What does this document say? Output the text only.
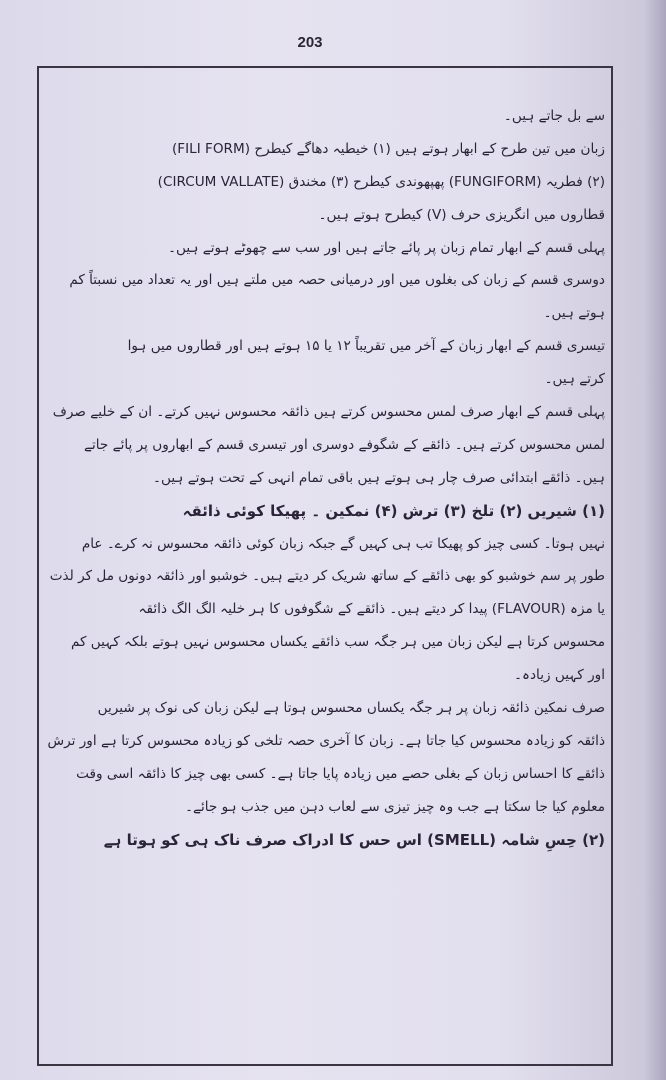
203
سے بل جاتے ہیں۔
زبان میں تین طرح کے ابھار ہوتے ہیں (۱) خیطیہ دھاگے کیطرح (FILI FORM)
(۲) فطریہ (FUNGIFORM) پھپھوندی کیطرح (۳) مخندق (CIRCUM VALLATE)
قطاروں میں انگریزی حرف (V) کیطرح ہوتے ہیں۔
پہلی قسم کے ابھار تمام زبان پر پائے جاتے ہیں اور سب سے چھوٹے ہوتے ہیں۔
دوسری قسم کے زبان کی بغلوں میں اور درمیانی حصہ میں ملتے ہیں اور یہ تعداد میں نسبتاً کم
ہوتے ہیں۔
تیسری قسم کے ابھار زبان کے آخر میں تقریباً ۱۲ یا ۱۵ ہوتے ہیں اور قطاروں میں ہوا
کرتے ہیں۔
پہلی قسم کے ابھار صرف لمس محسوس کرتے ہیں ذائقہ محسوس نہیں کرتے۔ ان کے خلیے صرف
لمس محسوس کرتے ہیں۔ ذائقے کے شگوفے دوسری اور تیسری قسم کے ابھاروں پر پائے جاتے
ہیں۔ ذائقے ابتدائی صرف چار ہی ہوتے ہیں باقی تمام انہی کے تحت ہوتے ہیں۔
(۱) شیریں (۲) تلخ (۳) ترش (۴) نمکین ۔ پھیکا کوئی ذائقہ
نہیں ہوتا۔ کسی چیز کو پھیکا تب ہی کہیں گے جبکہ زبان کوئی ذائقہ محسوس نہ کرے۔ عام
طور پر سم خوشبو کو بھی ذائقے کے ساتھ شریک کر دیتے ہیں۔ خوشبو اور ذائقہ دونوں مل کر لذت
یا مزہ (FLAVOUR) پیدا کر دیتے ہیں۔ ذائقے کے شگوفوں کا ہر خلیہ الگ الگ ذائقہ
محسوس کرتا ہے لیکن زبان میں ہر جگہ سب ذائقے یکساں محسوس نہیں ہوتے بلکہ کہیں کم
اور کہیں زیادہ۔
صرف نمکین ذائقہ زبان پر ہر جگہ یکساں محسوس ہوتا ہے لیکن زبان کی نوک پر شیریں
ذائقہ کو زیادہ محسوس کیا جاتا ہے۔ زبان کا آخری حصہ تلخی کو زیادہ محسوس کرتا ہے اور ترش
ذائقے کا احساس زبان کے بغلی حصے میں زیادہ پایا جاتا ہے۔ کسی بھی چیز کا ذائقہ اسی وقت
معلوم کیا جا سکتا ہے جب وہ چیز تیزی سے لعاب دہن میں جذب ہو جائے۔
(۲) حِسِ شامہ (SMELL) اس حس کا ادراک صرف ناک ہی کو ہوتا ہے
